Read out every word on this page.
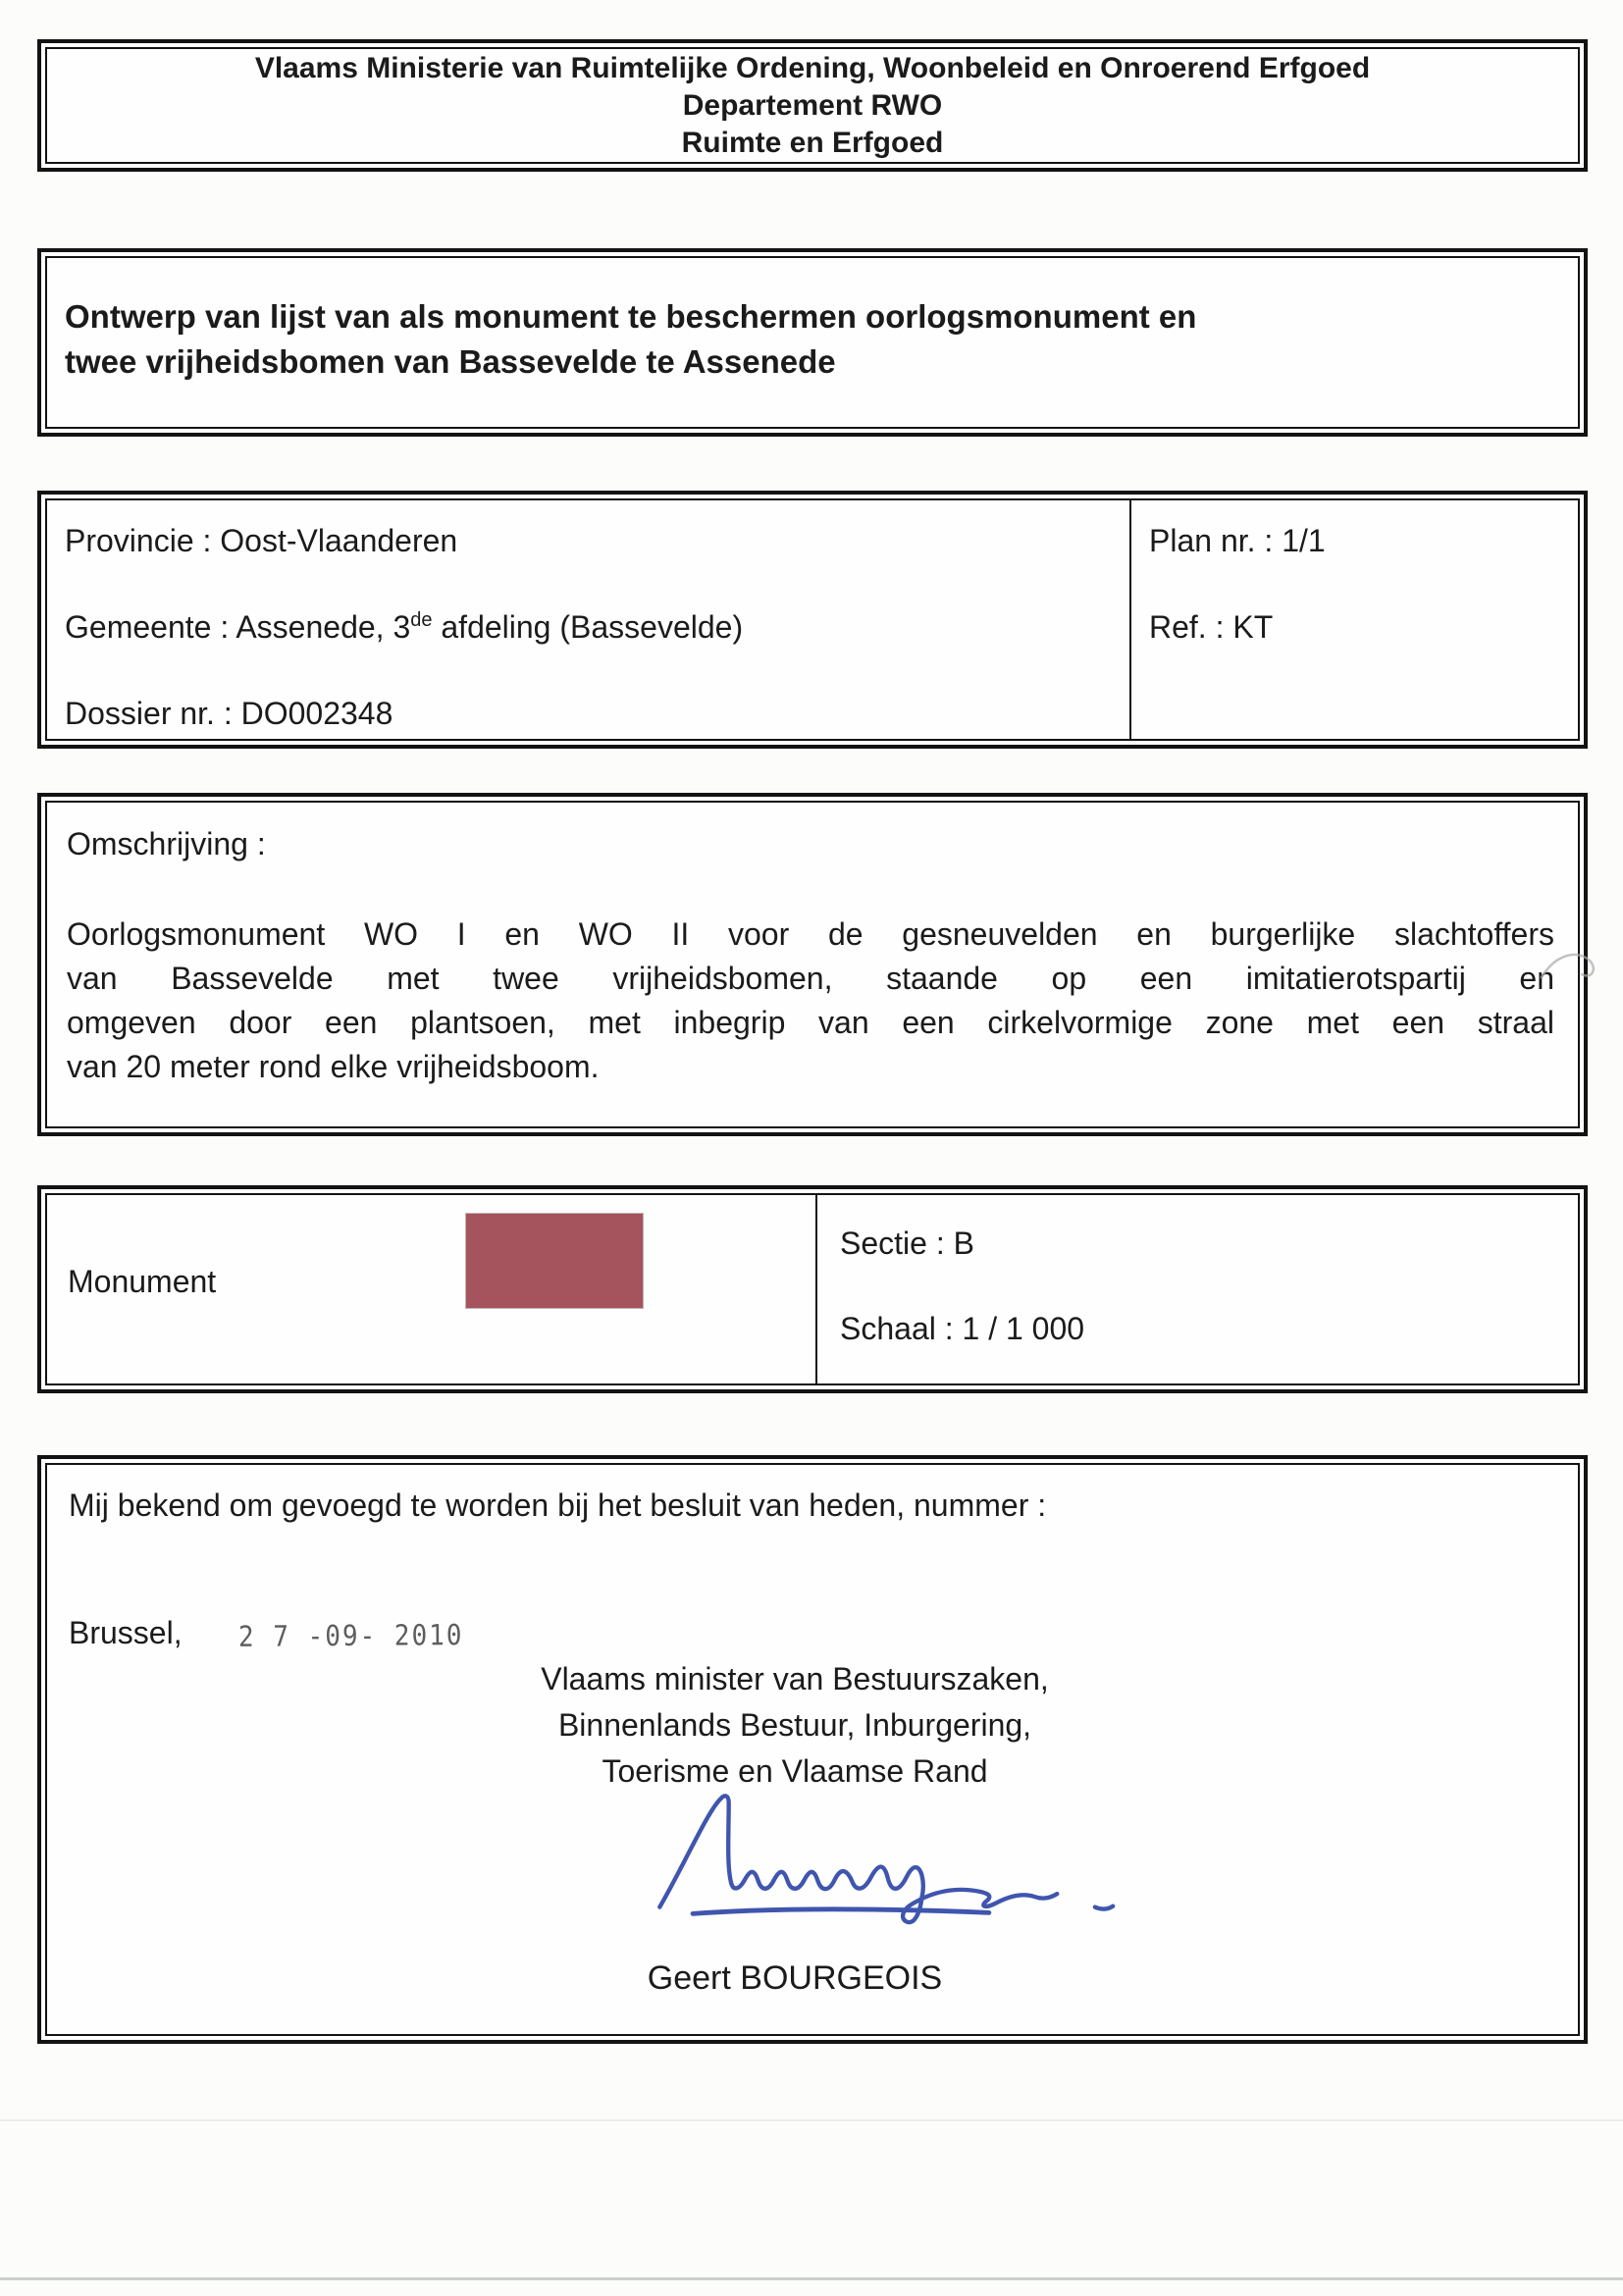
Vlaams Ministerie van Ruimtelijke Ordening, Woonbeleid en Onroerend Erfgoed
Departement RWO
Ruimte en Erfgoed
Ontwerp van lijst van als monument te beschermen oorlogsmonument en
twee vrijheidsbomen van Bassevelde te Assenede
Provincie : Oost-Vlaanderen
Gemeente : Assenede, 3de afdeling (Bassevelde)
Dossier nr. : DO002348
Plan nr. : 1/1
Ref. : KT
Omschrijving :
Oorlogsmonument WO I en WO II voor de gesneuvelden en burgerlijke slachtoffers
van Bassevelde met twee vrijheidsbomen, staande op een imitatierotspartij en
omgeven door een plantsoen, met inbegrip van een cirkelvormige zone met een straal
van 20 meter rond elke vrijheidsboom.
Monument
Sectie : B
Schaal : 1 / 1 000
Mij bekend om gevoegd te worden bij het besluit van heden, nummer :
Brussel, 2 7 -09- 2010
Vlaams minister van Bestuurszaken,
Binnenlands Bestuur, Inburgering,
Toerisme en Vlaamse Rand
Geert BOURGEOIS
